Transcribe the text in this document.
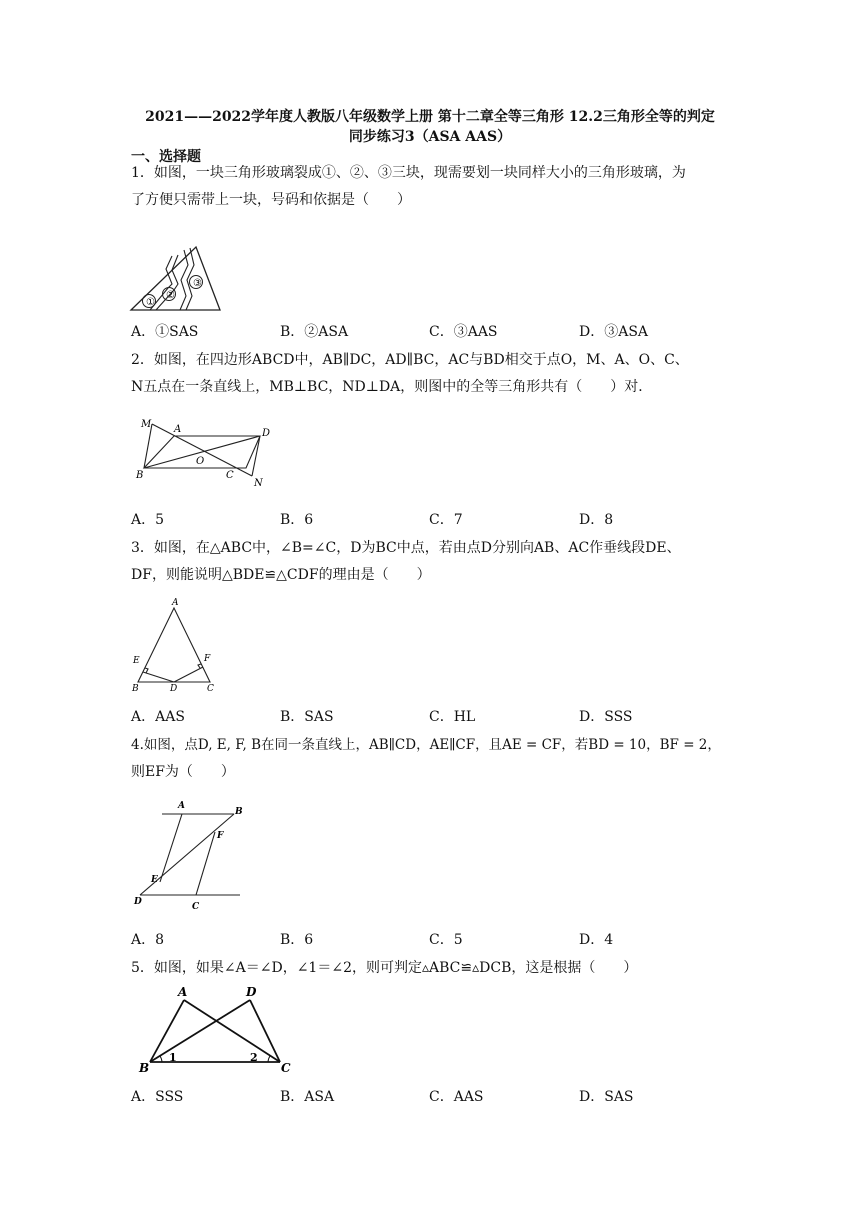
2021——2022学年度人教版八年级数学上册 第十二章全等三角形 12.2三角形全等的判定
同步练习3（ASA AAS）
一、选择题
1．如图，一块三角形玻璃裂成①、②、③三块，现需要划一块同样大小的三角形玻璃，为
了方便只需带上一块，号码和依据是（　　）
①
②
③
A．①SAS	B．②ASA	C．③AAS	D．③ASA
2．如图，在四边形ABCD中，AB∥DC，AD∥BC，AC与BD相交于点O，M、A、O、C、
N五点在一条直线上，MB⊥BC，ND⊥DA，则图中的全等三角形共有（　　）对．
M A	D
B
O
C
N
A．5	B．6	C．7	D．8
3．如图，在△ABC中，∠B=∠C，D为BC中点，若由点D分别向AB、AC作垂线段DE、
DF，则能说明△BDE≌△CDF的理由是（　　）
A
E	F
B	D	C
A．AAS	B．SAS	C．HL	D．SSS
4.如图，点D, E, F, B在同一条直线上，AB∥CD，AE∥CF，且AE = CF，若BD = 10，BF = 2，
则EF为（　　）
A
B
F
E
D	C
A．8	B．6	C．5	D．4
5．如图，如果∠A＝∠D，∠1＝∠2，则可判定▵ABC≌▵DCB，这是根据（　　）
A	D
B	C
1	2
A．SSS	B．ASA	C．AAS	D．SAS
